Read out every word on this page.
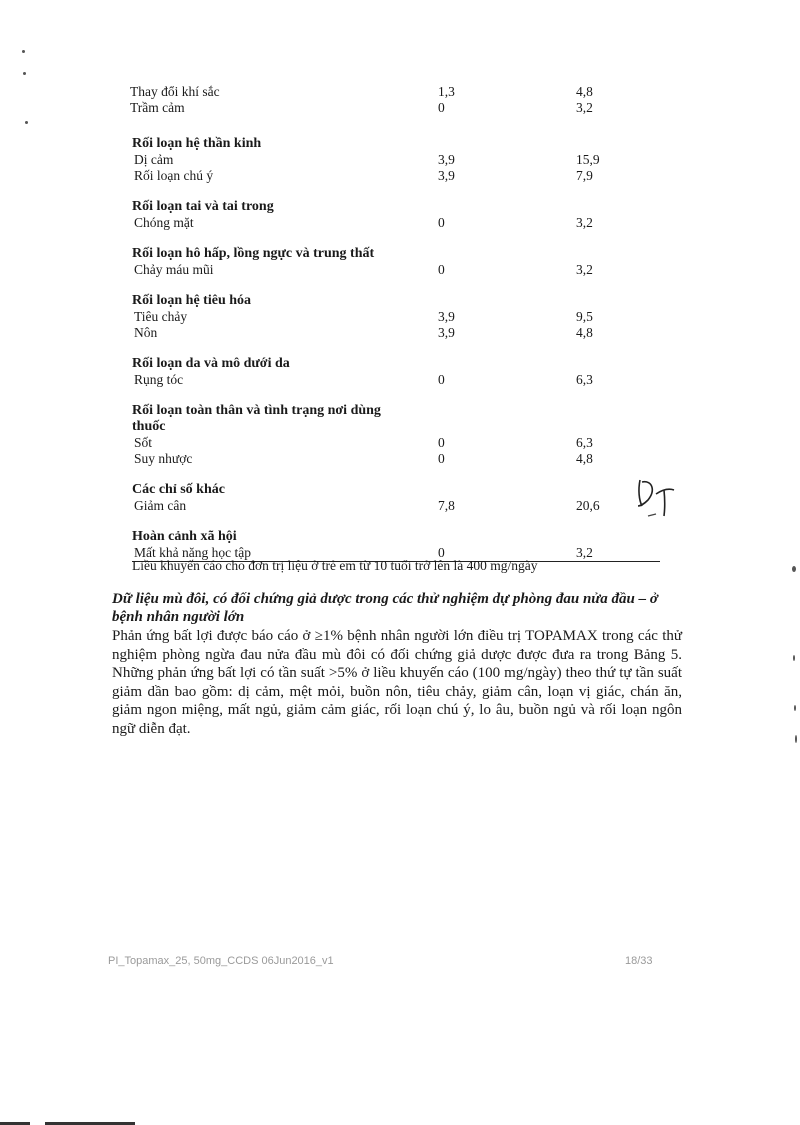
Thay đổi khí sắc	1,3	4,8
Trầm cảm	0	3,2
Rối loạn hệ thần kinh
Dị cảm	3,9	15,9
Rối loạn chú ý	3,9	7,9
Rối loạn tai và tai trong
Chóng mặt	0	3,2
Rối loạn hô hấp, lồng ngực và trung thất
Chảy máu mũi	0	3,2
Rối loạn hệ tiêu hóa
Tiêu chảy	3,9	9,5
Nôn	3,9	4,8
Rối loạn da và mô dưới da
Rụng tóc	0	6,3
Rối loạn toàn thân và tình trạng nơi dùng thuốc
Sốt	0	6,3
Suy nhược	0	4,8
Các chỉ số khác
Giảm cân	7,8	20,6
Hoàn cảnh xã hội
Mất khả năng học tập	0	3,2
Liều khuyến cáo cho đơn trị liệu ở trẻ em từ 10 tuổi trở lên là 400 mg/ngày
Dữ liệu mù đôi, có đối chứng giả dược trong các thử nghiệm dự phòng đau nửa đầu – ở bệnh nhân người lớn
Phản ứng bất lợi được báo cáo ở ≥1% bệnh nhân người lớn điều trị TOPAMAX trong các thử nghiệm phòng ngừa đau nửa đầu mù đôi có đối chứng giả dược được đưa ra trong Bảng 5. Những phản ứng bất lợi có tần suất >5% ở liều khuyến cáo (100 mg/ngày) theo thứ tự tần suất giảm dần bao gồm: dị cảm, mệt mỏi, buồn nôn, tiêu chảy, giảm cân, loạn vị giác, chán ăn, giảm ngon miệng, mất ngủ, giảm cảm giác, rối loạn chú ý, lo âu, buồn ngủ và rối loạn ngôn ngữ diễn đạt.
PI_Topamax_25, 50mg_CCDS 06Jun2016_v1	18/33
